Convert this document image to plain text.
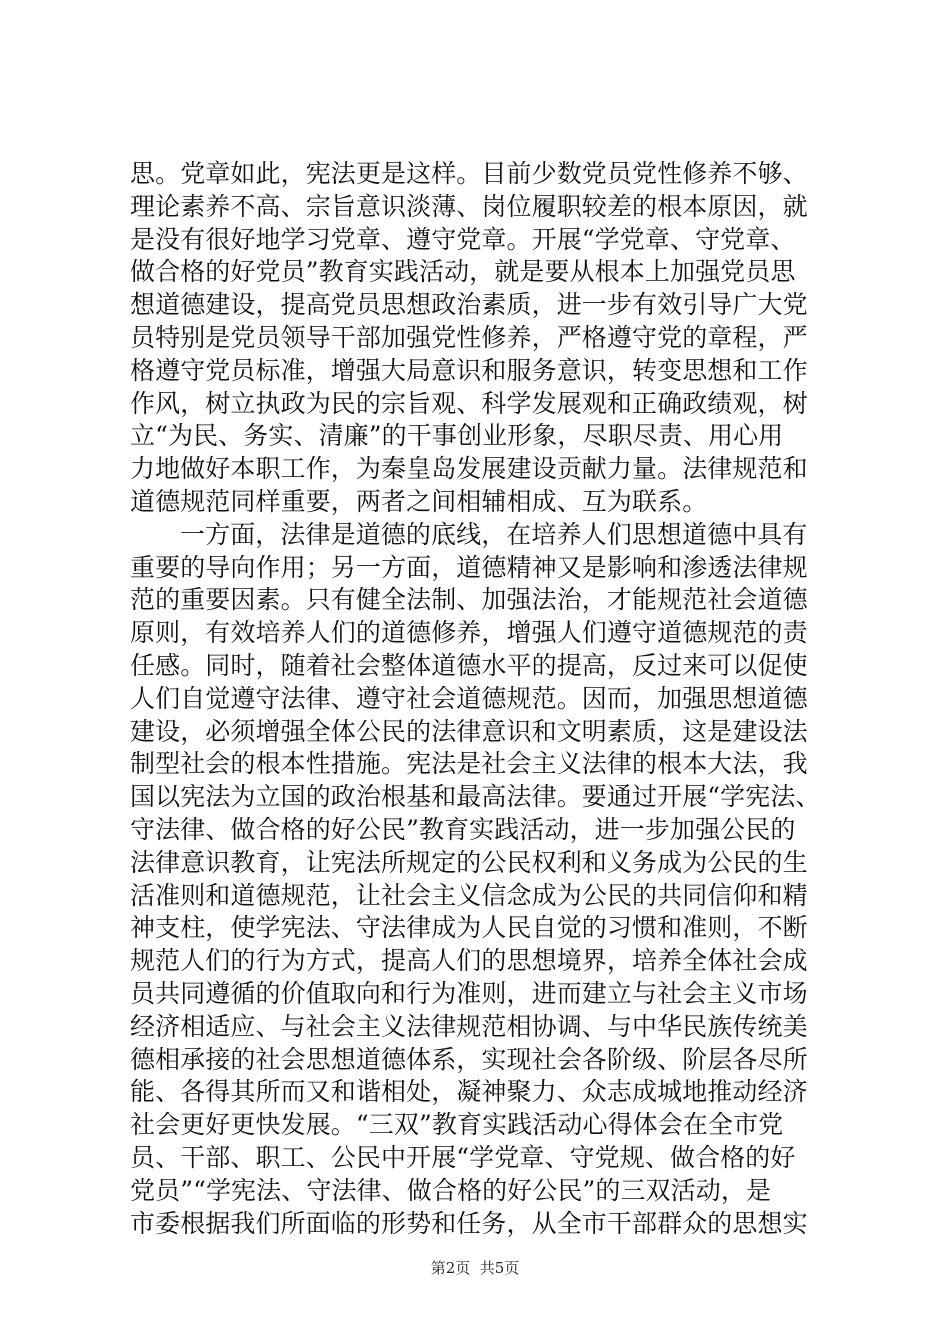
思。党章如此，宪法更是这样。目前少数党员党性修养不够、
理论素养不高、宗旨意识淡薄、岗位履职较差的根本原因，就
是没有很好地学习党章、遵守党章。开展“学党章、守党章、
做合格的好党员”教育实践活动，就是要从根本上加强党员思
想道德建设，提高党员思想政治素质，进一步有效引导广大党
员特别是党员领导干部加强党性修养，严格遵守党的章程，严
格遵守党员标准，增强大局意识和服务意识，转变思想和工作
作风，树立执政为民的宗旨观、科学发展观和正确政绩观，树
立“为民、务实、清廉”的干事创业形象，尽职尽责、用心用
力地做好本职工作，为秦皇岛发展建设贡献力量。法律规范和
道德规范同样重要，两者之间相辅相成、互为联系。
一方面，法律是道德的底线，在培养人们思想道德中具有
重要的导向作用；另一方面，道德精神又是影响和渗透法律规
范的重要因素。只有健全法制、加强法治，才能规范社会道德
原则，有效培养人们的道德修养，增强人们遵守道德规范的责
任感。同时，随着社会整体道德水平的提高，反过来可以促使
人们自觉遵守法律、遵守社会道德规范。因而，加强思想道德
建设，必须增强全体公民的法律意识和文明素质，这是建设法
制型社会的根本性措施。宪法是社会主义法律的根本大法，我
国以宪法为立国的政治根基和最高法律。要通过开展“学宪法、
守法律、做合格的好公民”教育实践活动，进一步加强公民的
法律意识教育，让宪法所规定的公民权利和义务成为公民的生
活准则和道德规范，让社会主义信念成为公民的共同信仰和精
神支柱，使学宪法、守法律成为人民自觉的习惯和准则，不断
规范人们的行为方式，提高人们的思想境界，培养全体社会成
员共同遵循的价值取向和行为准则，进而建立与社会主义市场
经济相适应、与社会主义法律规范相协调、与中华民族传统美
德相承接的社会思想道德体系，实现社会各阶级、阶层各尽所
能、各得其所而又和谐相处，凝神聚力、众志成城地推动经济
社会更好更快发展。“三双”教育实践活动心得体会在全市党
员、干部、职工、公民中开展“学党章、守党规、做合格的好
党员”“学宪法、守法律、做合格的好公民”的三双活动，是
市委根据我们所面临的形势和任务，从全市干部群众的思想实
第2页  共5页
